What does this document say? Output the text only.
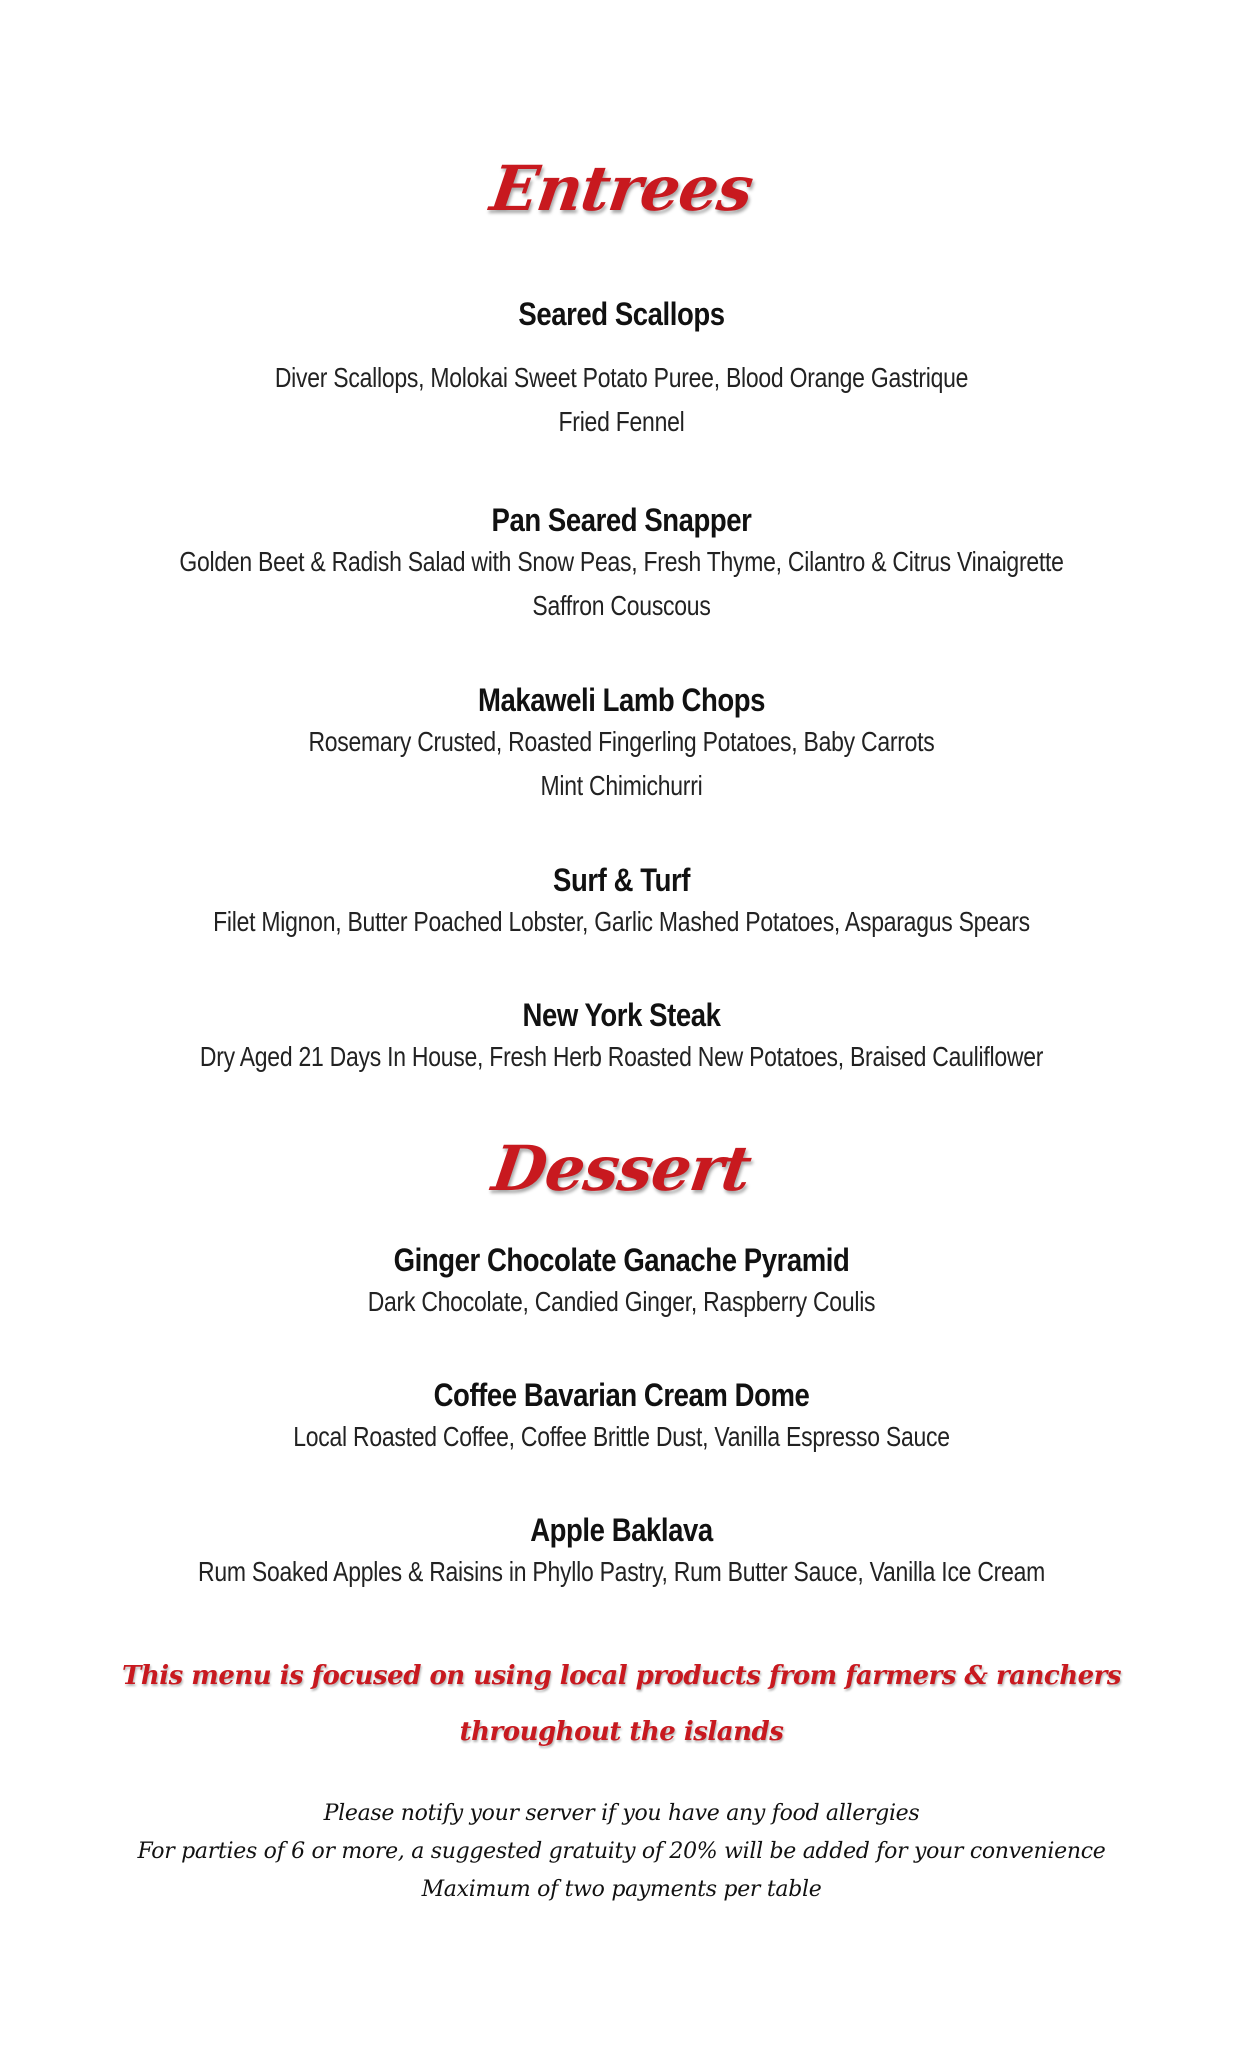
Entrees
Seared Scallops
Diver Scallops, Molokai Sweet Potato Puree, Blood Orange Gastrique
Fried Fennel
Pan Seared Snapper
Golden Beet & Radish Salad with Snow Peas, Fresh Thyme, Cilantro & Citrus Vinaigrette
Saffron Couscous
Makaweli Lamb Chops
Rosemary Crusted, Roasted Fingerling Potatoes, Baby Carrots
Mint Chimichurri
Surf & Turf
Filet Mignon, Butter Poached Lobster, Garlic Mashed Potatoes, Asparagus Spears
New York Steak
Dry Aged 21 Days In House, Fresh Herb Roasted New Potatoes, Braised Cauliflower
Dessert
Ginger Chocolate Ganache Pyramid
Dark Chocolate, Candied Ginger, Raspberry Coulis
Coffee Bavarian Cream Dome
Local Roasted Coffee, Coffee Brittle Dust, Vanilla Espresso Sauce
Apple Baklava
Rum Soaked Apples & Raisins in Phyllo Pastry, Rum Butter Sauce, Vanilla Ice Cream
This menu is focused on using local products from farmers & ranchers
throughout the islands
Please notify your server if you have any food allergies
For parties of 6 or more, a suggested gratuity of 20% will be added for your convenience
Maximum of two payments per table
